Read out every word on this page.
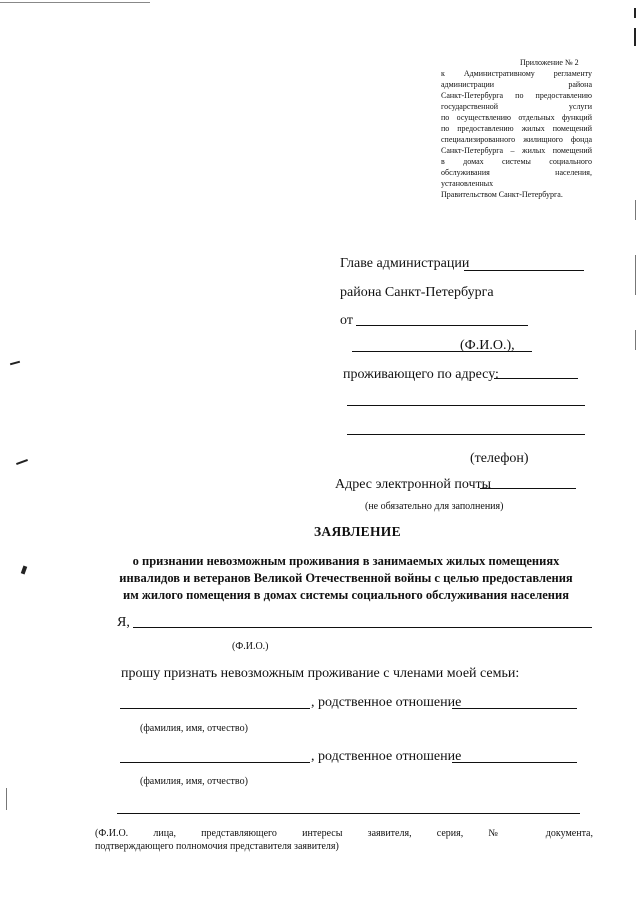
Приложение № 2
к Административному регламенту
администрации района
Санкт-Петербурга по предоставлению
государственной услуги
по осуществлению отдельных функций
по предоставлению жилых помещений
специализированного жилищного фонда
Санкт-Петербурга – жилых помещений
в домах системы социального
обслуживания населения,
установленных
Правительством Санкт-Петербурга.
Главе администрации
района Санкт-Петербурга
от
(Ф.И.О.),
проживающего по адресу:
(телефон)
Адрес электронной почты
(не обязательно для заполнения)
ЗАЯВЛЕНИЕ
о признании невозможным проживания в занимаемых жилых помещениях
инвалидов и ветеранов Великой Отечественной войны с целью предоставления
им жилого помещения в домах системы социального обслуживания населения
Я,
(Ф.И.О.)
прошу признать невозможным проживание с членами моей семьи:
, родственное отношение
(фамилия, имя, отчество)
, родственное отношение
(фамилия, имя, отчество)
(Ф.И.О. лица, представляющего интересы заявителя, серия, № документа,
подтверждающего полномочия представителя заявителя)
